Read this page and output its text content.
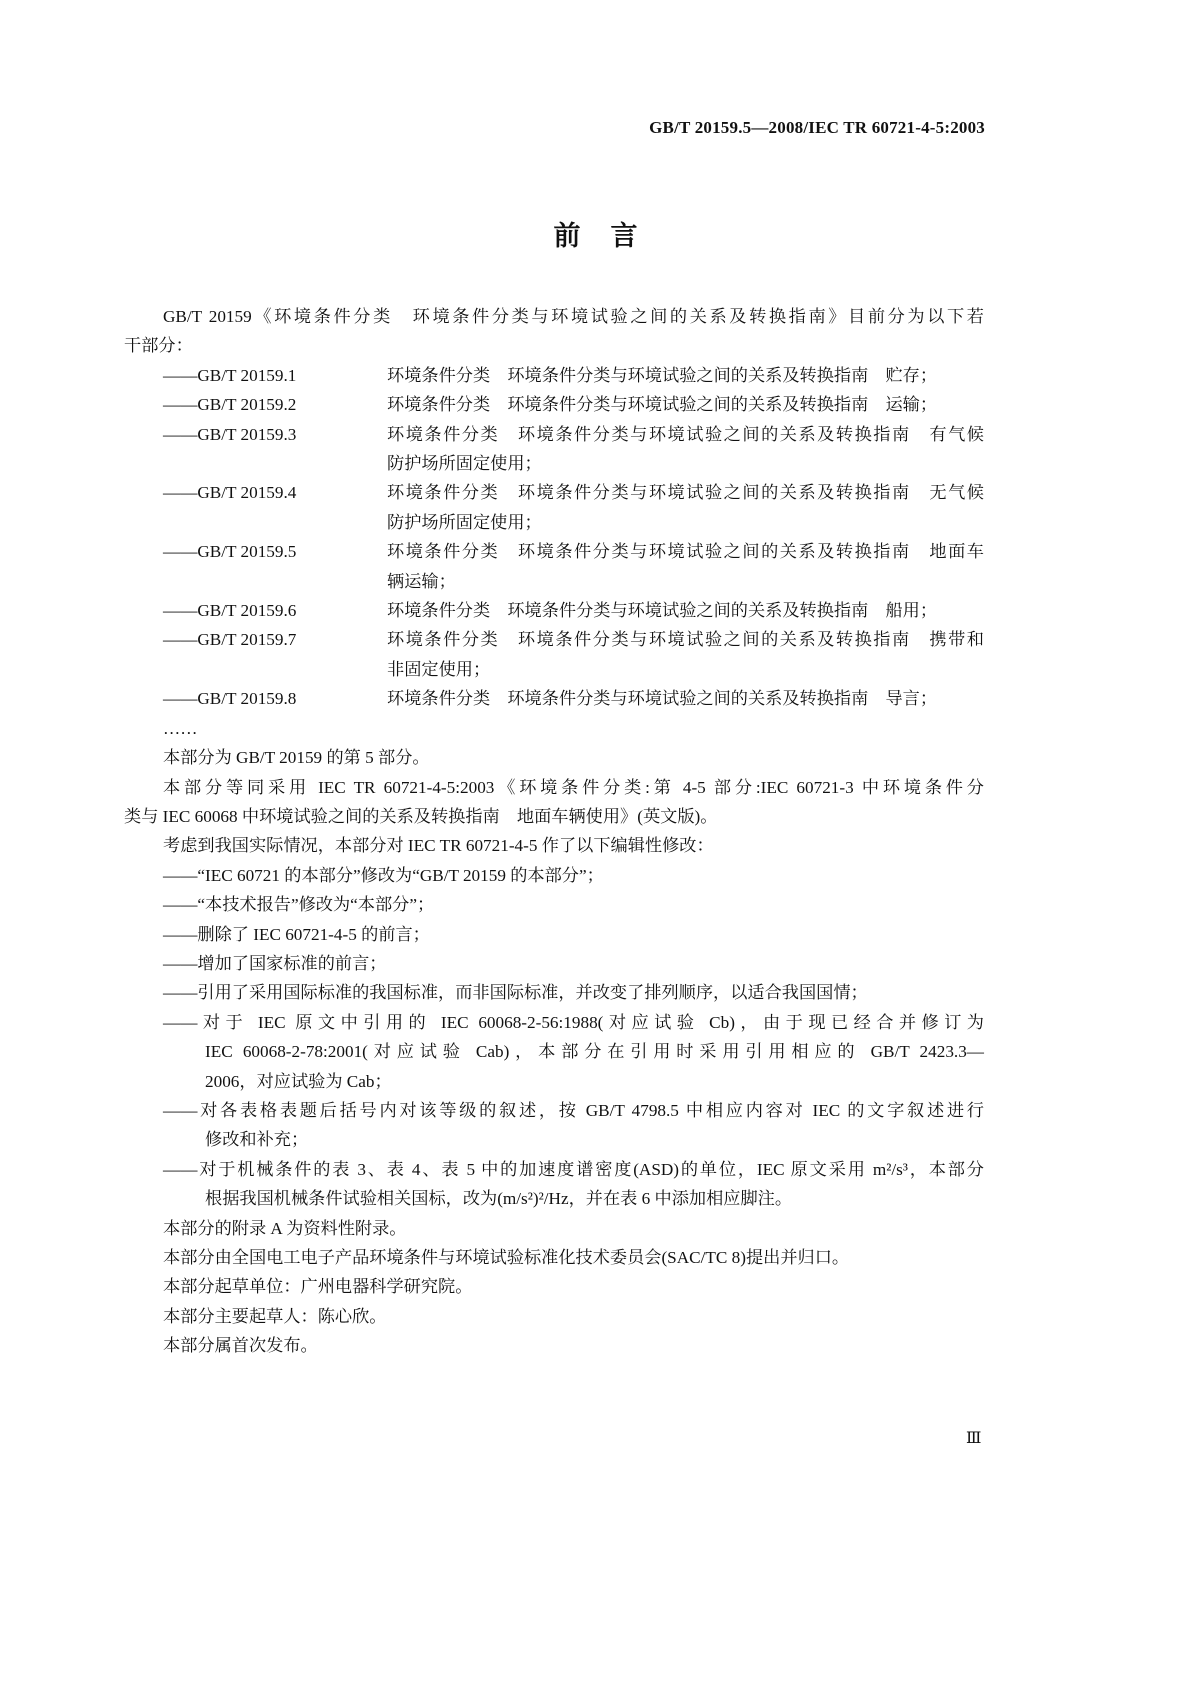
GB/T 20159.5—2008/IEC TR 60721-4-5:2003
前言
GB/T 20159《环境条件分类　环境条件分类与环境试验之间的关系及转换指南》目前分为以下若
干部分：
——GB/T 20159.1	环境条件分类　环境条件分类与环境试验之间的关系及转换指南　贮存；
——GB/T 20159.2	环境条件分类　环境条件分类与环境试验之间的关系及转换指南　运输；
——GB/T 20159.3	环境条件分类　环境条件分类与环境试验之间的关系及转换指南　有气候
防护场所固定使用；
——GB/T 20159.4	环境条件分类　环境条件分类与环境试验之间的关系及转换指南　无气候
防护场所固定使用；
——GB/T 20159.5	环境条件分类　环境条件分类与环境试验之间的关系及转换指南　地面车
辆运输；
——GB/T 20159.6	环境条件分类　环境条件分类与环境试验之间的关系及转换指南　船用；
——GB/T 20159.7	环境条件分类　环境条件分类与环境试验之间的关系及转换指南　携带和
非固定使用；
——GB/T 20159.8	环境条件分类　环境条件分类与环境试验之间的关系及转换指南　导言；
……
本部分为 GB/T 20159 的第 5 部分。
本部分等同采用 IEC TR 60721-4-5:2003《环境条件分类:第 4-5 部分:IEC 60721-3 中环境条件分
类与 IEC 60068 中环境试验之间的关系及转换指南　地面车辆使用》(英文版)。
考虑到我国实际情况，本部分对 IEC TR 60721-4-5 作了以下编辑性修改：
——“IEC 60721 的本部分”修改为“GB/T 20159 的本部分”；
——“本技术报告”修改为“本部分”；
——删除了 IEC 60721-4-5 的前言；
——增加了国家标准的前言；
——引用了采用国际标准的我国标准，而非国际标准，并改变了排列顺序，以适合我国国情；
——对于 IEC 原文中引用的 IEC 60068-2-56:1988(对应试验 Cb)，由于现已经合并修订为
IEC 60068-2-78:2001(对应试验 Cab)，本部分在引用时采用引用相应的 GB/T 2423.3—
2006，对应试验为 Cab；
——对各表格表题后括号内对该等级的叙述，按 GB/T 4798.5 中相应内容对 IEC 的文字叙述进行
修改和补充；
——对于机械条件的表 3、表 4、表 5 中的加速度谱密度(ASD)的单位，IEC 原文采用 m²/s³，本部分
根据我国机械条件试验相关国标，改为(m/s²)²/Hz，并在表 6 中添加相应脚注。
本部分的附录 A 为资料性附录。
本部分由全国电工电子产品环境条件与环境试验标准化技术委员会(SAC/TC 8)提出并归口。
本部分起草单位：广州电器科学研究院。
本部分主要起草人：陈心欣。
本部分属首次发布。
Ⅲ
